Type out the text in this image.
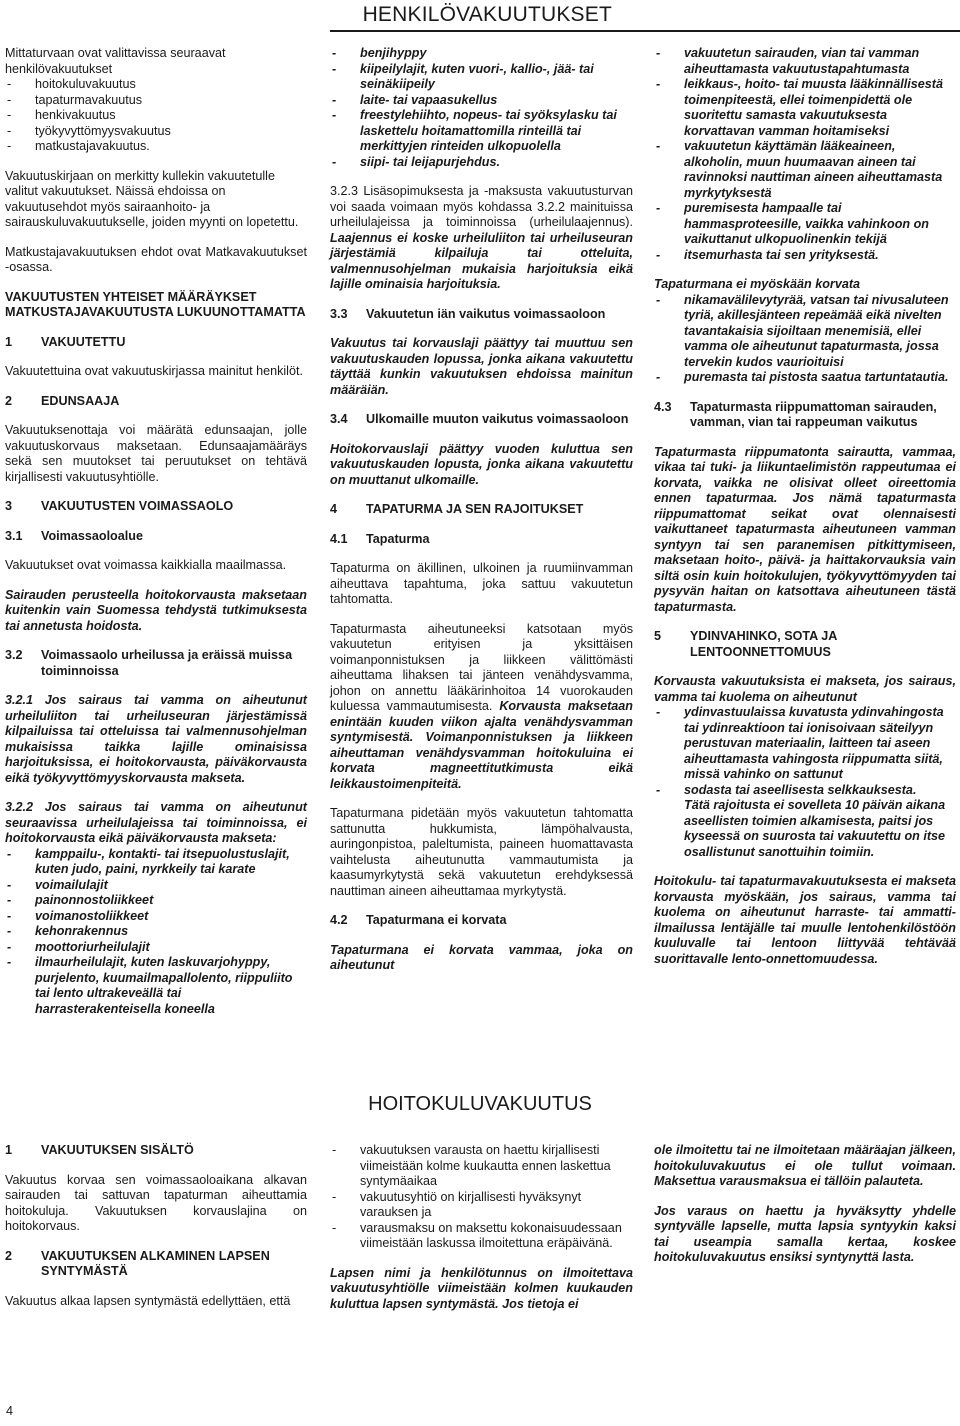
HENKILÖVAKUUTUKSET

Mittaturvaan ovat valittavissa seuraavat henkilövakuutukset

- hoitokuluvakuutus
- tapaturmavakuutus
- henkivakuutus
- työkyvyttömyysvakuutus
- matkustajavakuutus.

Vakuutuskirjaan on merkitty kullekin vakuutetulle valitut vakuutukset. Näissä ehdoissa on vakuutusehdot myös sairaanhoito- ja sairauskuluvakuutukselle, joiden myynti on lopetettu.

Matkustajavakuutuksen ehdot ovat Matkavakuutukset -osassa.

VAKUUTUSTEN YHTEISET MÄÄRÄYKSET MATKUSTAJAVAKUUTUSTA LUKUUNOTTAMATTA
1	VAKUUTETTU

Vakuutettuina ovat vakuutuskirjassa mainitut henkilöt.

2	EDUNSAAJA

Vakuutuksenottaja voi määrätä edunsaajan, jolle vakuutuskorvaus maksetaan. Edunsaajamääräys sekä sen muutokset tai peruutukset on tehtävä kirjallisesti vakuutusyhtiölle.

3	VAKUUTUSTEN VOIMASSAOLO
3.1	Voimassaoloalue

Vakuutukset ovat voimassa kaikkialla maailmassa.

Sairauden perusteella hoitokorvausta maksetaan kuitenkin vain Suomessa tehdystä tutkimuksesta tai annetusta hoidosta.

3.2	Voimassaolo urheilussa ja eräissä muissa toiminnoissa

3.2.1 Jos sairaus tai vamma on aiheutunut urheiluliiton tai urheiluseuran järjestämissä kilpailuissa tai otteluissa tai valmennusohjelman mukaisissa taikka lajille ominaisissa harjoituksissa, ei hoitokorvausta, päiväkorvausta eikä työkyvyttömyyskorvausta makseta.

3.2.2 Jos sairaus tai vamma on aiheutunut seuraavissa urheilulajeissa tai toiminnoissa, ei hoitokorvausta eikä päiväkorvausta makseta:

- kamppailu-, kontakti- tai itsepuolustuslajit, kuten judo, paini, nyrkkeily tai karate
- voimailulajit
- painonnostoliikkeet
- voimanostoliikkeet
- kehonrakennus
- moottoriurheilulajit
- ilmaurheilulajit, kuten laskuvarjohyppy, purjelento, kuumailmapallolento, riippuliito tai lento ultrakeveällä tai harrasterakenteisella koneella
- benjihyppy
- kiipeilylajit, kuten vuori-, kallio-, jää- tai seinäkiipeily
- laite- tai vapaasukellus
- freestylehiihto, nopeus- tai syöksylasku tai laskettelu hoitamattomilla rinteillä tai merkittyjen rinteiden ulkopuolella
- siipi- tai leijapurjehdus.

3.2.3 Lisäsopimuksesta ja -maksusta vakuutusturvan voi saada voimaan myös kohdassa 3.2.2 mainituissa urheilulajeissa ja toiminnoissa (urheilulaajennus). Laajennus ei koske urheiluliiton tai urheiluseuran järjestämiä kilpailuja tai otteluita, valmennusohjelman mukaisia harjoituksia eikä lajille ominaisia harjoituksia.

3.3	Vakuutetun iän vaikutus voimassaoloon

Vakuutus tai korvauslaji päättyy tai muuttuu sen vakuutuskauden lopussa, jonka aikana vakuutettu täyttää kunkin vakuutuksen ehdoissa mainitun määräiän.

3.4	Ulkomaille muuton vaikutus voimassaoloon

Hoitokorvauslaji päättyy vuoden kuluttua sen vakuutuskauden lopusta, jonka aikana vakuutettu on muuttanut ulkomaille.

4	TAPATURMA JA SEN RAJOITUKSET
4.1	Tapaturma

Tapaturma on äkillinen, ulkoinen ja ruumiinvamman aiheuttava tapahtuma, joka sattuu vakuutetun tahtomatta.

Tapaturmasta aiheutuneeksi katsotaan myös vakuutetun erityisen ja yksittäisen voimanponnistuksen ja liikkeen välittömästi aiheuttama lihaksen tai jänteen venähdysvamma, johon on annettu lääkärinhoitoa 14 vuorokauden kuluessa vammautumisesta. Korvausta maksetaan enintään kuuden viikon ajalta venähdysvamman syntymisestä. Voimanponnistuksen ja liikkeen aiheuttaman venähdysvamman hoitokuluina ei korvata magneettitutkimusta eikä leikkaustoimenpiteitä.

Tapaturmana pidetään myös vakuutetun tahtomatta sattunutta hukkumista, lämpöhalvausta, auringonpistoa, paleltumista, paineen huomattavasta vaihtelusta aiheutunutta vammautumista ja kaasumyrkytystä sekä vakuutetun erehdyksessä nauttiman aineen aiheuttamaa myrkytystä.

4.2	Tapaturmana ei korvata

Tapaturmana ei korvata vammaa, joka on aiheutunut

- vakuutetun sairauden, vian tai vamman aiheuttamasta vakuutustapahtumasta
- leikkaus-, hoito- tai muusta lääkinnällisestä toimenpiteestä, ellei toimenpidettä ole suoritettu samasta vakuutuksesta korvattavan vamman hoitamiseksi
- vakuutetun käyttämän lääkeaineen, alkoholin, muun huumaavan aineen tai ravinnoksi nauttiman aineen aiheuttamasta myrkytyksestä
- puremisesta hampaalle tai hammasproteesille, vaikka vahinkoon on vaikuttanut ulkopuolinenkin tekijä
- itsemurhasta tai sen yrityksestä.

Tapaturmana ei myöskään korvata

- nikamavälilevytyrää, vatsan tai nivusaluteen tyriä, akillesjänteen repeämää eikä nivelten tavantakaisia sijoiltaan menemisiä, ellei vamma ole aiheutunut tapaturmasta, jossa tervekin kudos vaurioituisi
- puremasta tai pistosta saatua tartuntatautia.
4.3	Tapaturmasta riippumattoman sairauden, vamman, vian tai rappeuman vaikutus

Tapaturmasta riippumatonta sairautta, vammaa, vikaa tai tuki- ja liikuntaelimistön rappeutumaa ei korvata, vaikka ne olisivat olleet oireettomia ennen tapaturmaa. Jos nämä tapaturmasta riippumattomat seikat ovat olennaisesti vaikuttaneet tapaturmasta aiheutuneen vamman syntyyn tai sen paranemisen pitkittymiseen, maksetaan hoito-, päivä- ja haittakorvauksia vain siltä osin kuin hoitokulujen, työkyvyttömyyden tai pysyvän haitan on katsottava aiheutuneen tästä tapaturmasta.

5	YDINVAHINKO, SOTA JA LENTOONNETTOMUUS

Korvausta vakuutuksista ei makseta, jos sairaus, vamma tai kuolema on aiheutunut

- ydinvastuulaissa kuvatusta ydinvahingosta tai ydinreaktioon tai ionisoivaan säteilyyn perustuvan materiaalin, laitteen tai aseen aiheuttamasta vahingosta riippumatta siitä, missä vahinko on sattunut
- sodasta tai aseellisesta selkkauksesta.

Tätä rajoitusta ei sovelleta 10 päivän aikana aseellisten toimien alkamisesta, paitsi jos kyseessä on suurosta tai vakuutettu on itse osallistunut sanottuihin toimiin.

Hoitokulu- tai tapaturmavakuutuksesta ei makseta korvausta myöskään, jos sairaus, vamma tai kuolema on aiheutunut harraste- tai ammatti- ilmailussa lentäjälle tai muulle lentohenkilöstöön kuuluvalle tai lentoon liittyvää tehtävää suorittavalle lento-onnettomuudessa.

HOITOKULUVAKUUTUS
1	VAKUUTUKSEN SISÄLTÖ

Vakuutus korvaa sen voimassaoloaikana alkavan sairauden tai sattuvan tapaturman aiheuttamia hoitokuluja. Vakuutuksen korvauslajina on hoitokorvaus.

2	VAKUUTUKSEN ALKAMINEN LAPSEN SYNTYMÄSTÄ

Vakuutus alkaa lapsen syntymästä edellyttäen, että

- vakuutuksen varausta on haettu kirjallisesti viimeistään kolme kuukautta ennen laskettua syntymäaikaa
- vakuutusyhtiö on kirjallisesti hyväksynyt varauksen ja
- varausmaksu on maksettu kokonaisuudessaan viimeistään laskussa ilmoitettuna eräpäivänä.

Lapsen nimi ja henkilötunnus on ilmoitettava vakuutusyhtiölle viimeistään kolmen kuukauden kuluttua lapsen syntymästä. Jos tietoja ei

ole ilmoitettu tai ne ilmoitetaan määräajan jälkeen, hoitokuluvakuutus ei ole tullut voimaan. Maksettua varausmaksua ei tällöin palauteta.

Jos varaus on haettu ja hyväksytty yhdelle syntyvälle lapselle, mutta lapsia syntyykin kaksi tai useampia samalla kertaa, koskee hoitokuluvakuutus ensiksi syntynyttä lasta.

4
